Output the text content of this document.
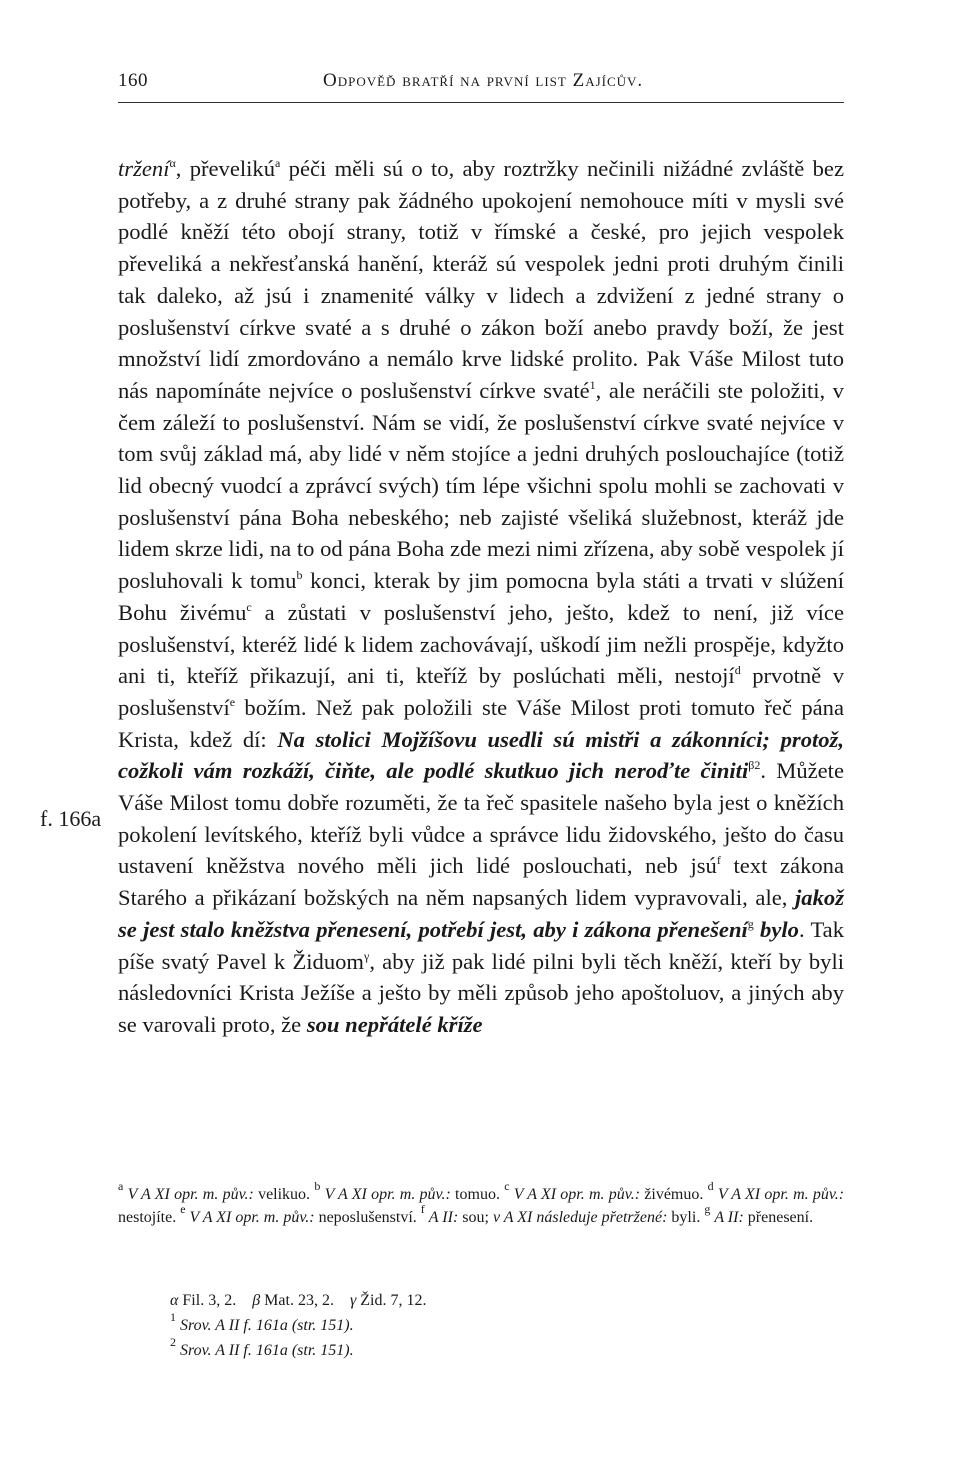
160	Odpověď bratří na první list Zajícův.
f. 166a

tržení$^\alpha$, převelikú$^a$ péči měli sú o to, aby roztržky nečinili nižádné zvláště bez potřeby, a z druhé strany pak žádného upokojení nemohouce míti v mysli své podlé kněží této obojí strany, totiž v římské a české, pro jejich vespolek převeliká a nekřesťanská hanění, kteráž sú vespolek jedni proti druhým činili tak daleko, až jsú i znamenité války v lidech a zdvižení z jedné strany o poslušenství církve svaté a s druhé o zákon boží anebo pravdy boží, že jest množství lidí zmordováno a nemálo krve lidské prolito. Pak Váše Milost tuto nás napomínáte nejvíce o poslušenství církve svaté$^1$, ale neráčili ste položiti, v čem záleží to poslušenství. Nám se vidí, že poslušenství církve svaté nejvíce v tom svůj základ má, aby lidé v něm stojíce a jedni druhých poslouchajíce (totiž lid obecný vuodcí a zprávcí svých) tím lépe všichni spolu mohli se zachovati v poslušenství pána Boha nebeského; neb zajisté všeliká služebnost, kteráž jde lidem skrze lidi, na to od pána Boha zde mezi nimi zřízena, aby sobě vespolek jí posluhovali k tomu$^b$ konci, kterak by jim pomocna byla státi a trvati v slúžení Bohu živému$^c$ a zůstati v poslušenství jeho, ješto, kdež to není, již více poslušenství, kteréž lidé k lidem zachovávají, uškodí jim nežli prospěje, kdyžto ani ti, kteříž přikazují, ani ti, kteříž by poslúchati měli, nestojí$^d$ prvotně v poslušenství$^e$ božím. Než pak položili ste Váše Milost proti tomuto řeč pána Krista, kdež dí: Na stolici Mojžíšovu usedli sú mistři a zákonníci; protož, cožkoli vám rozkáží, čiňte, ale podlé skutkuo jich neroďte činiti$^{\beta 2}$. Můžete Váše Milost tomu dobře rozuměti, že ta řeč spasitele našeho byla jest o kněžích pokolení levítského, kteříž byli vůdce a správce lidu židovského, ješto do času ustavení kněžstva nového měli jich lidé poslouchati, neb jsú$^f$ text zákona Starého a přikázaní božských na něm napsaných lidem vypravovali, ale, jakož se jest stalo kněžstva přenesení, potřebí jest, aby i zákona přenešení$^g$ bylo. Tak píše svatý Pavel k Židuom$^\gamma$, aby již pak lidé pilni byli těch kněží, kteří by byli následovníci Krista Ježíše a ješto by měli způsob jeho apoštoluov, a jiných aby se varovali proto, že sou nepřátelé kříže

$^a$ V A XI opr. m. pův.: velikuo. $^b$ V A XI opr. m. pův.: tomuo. $^c$ V A XI opr. m. pův.: živémuo. $^d$ V A XI opr. m. pův.: nestojíte. $^e$ V A XI opr. m. pův.: neposlušenství. $^f$ A II: sou; v A XI následuje přetržené: byli. $^g$ A II: přenesení.
α Fil. 3, 2. β Mat. 23, 2. γ Žid. 7, 12.
$^1$ Srov. A II f. 161a (str. 151).
$^2$ Srov. A II f. 161a (str. 151).
